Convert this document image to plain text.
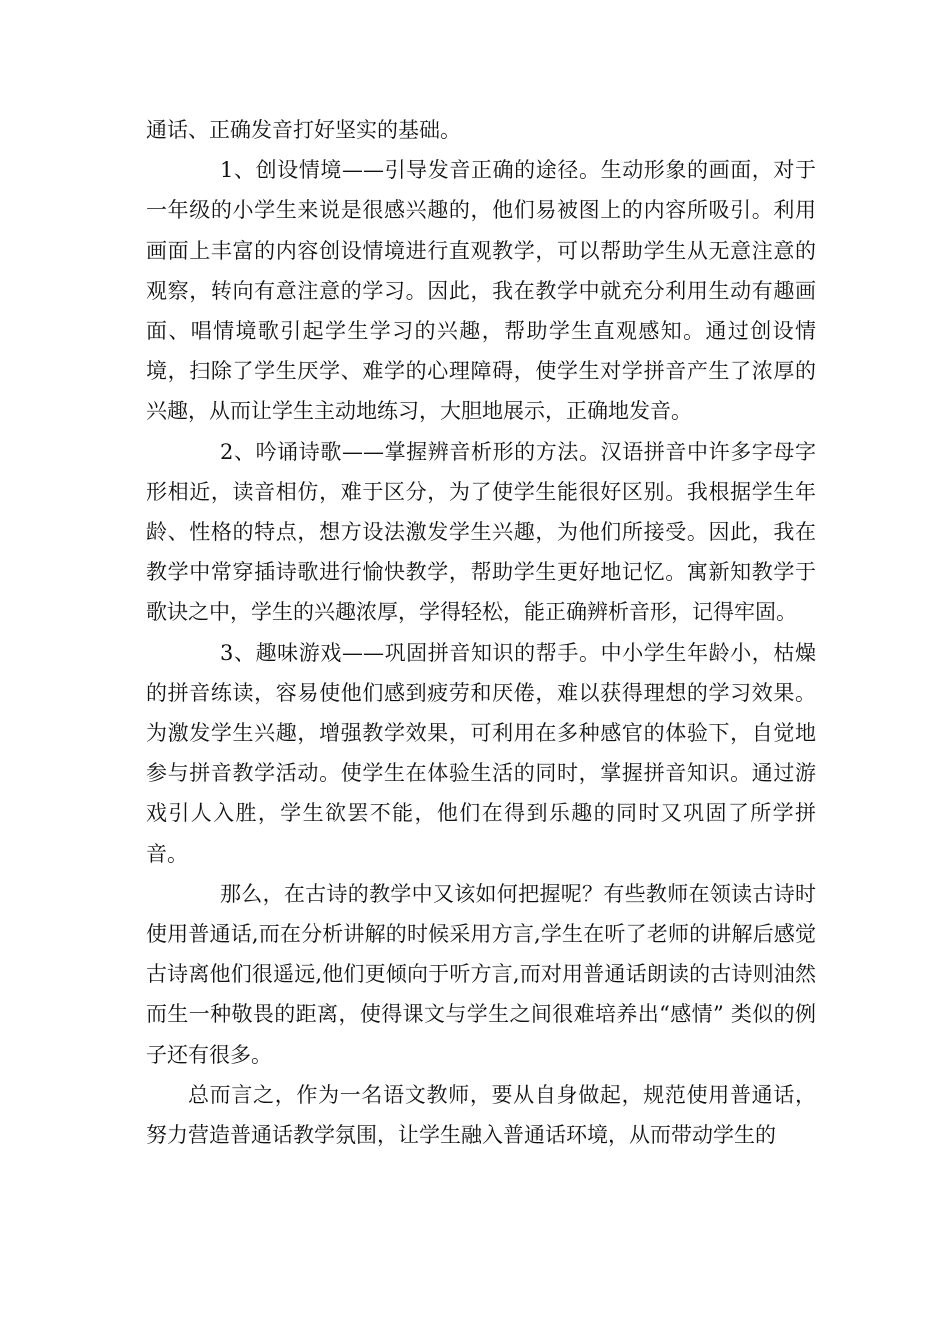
通话、正确发音打好坚实的基础。

1、创设情境——引导发音正确的途径。生动形象的画面，对于一年级的小学生来说是很感兴趣的，他们易被图上的内容所吸引。利用画面上丰富的内容创设情境进行直观教学，可以帮助学生从无意注意的观察，转向有意注意的学习。因此，我在教学中就充分利用生动有趣画面、唱情境歌引起学生学习的兴趣，帮助学生直观感知。通过创设情境，扫除了学生厌学、难学的心理障碍，使学生对学拼音产生了浓厚的兴趣，从而让学生主动地练习，大胆地展示，正确地发音。

2、吟诵诗歌——掌握辨音析形的方法。汉语拼音中许多字母字形相近，读音相仿，难于区分，为了使学生能很好区别。我根据学生年龄、性格的特点，想方设法激发学生兴趣，为他们所接受。因此，我在教学中常穿插诗歌进行愉快教学，帮助学生更好地记忆。寓新知教学于歌诀之中，学生的兴趣浓厚，学得轻松，能正确辨析音形，记得牢固。

3、趣味游戏——巩固拼音知识的帮手。中小学生年龄小，枯燥的拼音练读，容易使他们感到疲劳和厌倦，难以获得理想的学习效果。为激发学生兴趣，增强教学效果，可利用在多种感官的体验下，自觉地参与拼音教学活动。使学生在体验生活的同时，掌握拼音知识。通过游戏引人入胜，学生欲罢不能，他们在得到乐趣的同时又巩固了所学拼音。

那么，在古诗的教学中又该如何把握呢？有些教师在领读古诗时使用普通话,而在分析讲解的时候采用方言,学生在听了老师的讲解后感觉古诗离他们很遥远,他们更倾向于听方言,而对用普通话朗读的古诗则油然而生一种敬畏的距离，使得课文与学生之间很难培养出“感情” 类似的例子还有很多。

总而言之，作为一名语文教师，要从自身做起，规范使用普通话，努力营造普通话教学氛围，让学生融入普通话环境，从而带动学生的
